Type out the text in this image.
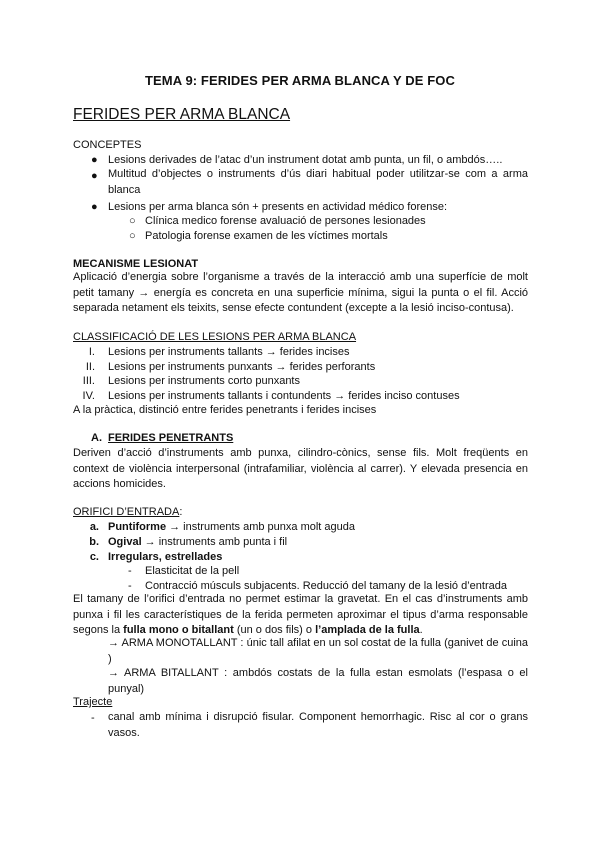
TEMA 9: FERIDES PER ARMA BLANCA Y DE FOC
FERIDES PER ARMA BLANCA
CONCEPTES
● Lesions derivades de l’atac d’un instrument dotat amb punta, un fil, o ambdós…..
● Multitud d’objectes o instruments d’ús diari habitual poder utilitzar-se com a arma blanca
● Lesions per arma blanca són + presents en actividad médico forense:
○ Clínica medico forense avaluació de persones lesionades
○ Patologia forense examen de les víctimes mortals
MECANISME LESIONAT
Aplicació d’energia sobre l’organisme a través de la interacció amb una superfície de molt petit tamany → energía es concreta en una superficie mínima, sigui la punta o el fil. Acció separada netament els teixits, sense efecte contundent (excepte a la lesió inciso-contusa).
CLASSIFICACIÓ DE LES LESIONS PER ARMA BLANCA
I. Lesions per instruments tallants → ferides incises
II. Lesions per instruments punxants → ferides perforants
III. Lesions per instruments corto punxants
IV. Lesions per instruments tallants i contundents → ferides inciso contuses
A la pràctica, distinció entre ferides penetrants i ferides incises
A. FERIDES PENETRANTS
Deriven d’acció d’instruments amb punxa, cilindro-cònics, sense fils. Molt freqüents en context de violència interpersonal (intrafamiliar, violència al carrer). Y elevada presencia en accions homicides.
ORIFICI D’ENTRADA:
a. Puntiforme → instruments amb punxa molt aguda
b. Ogival → instruments amb punta i fil
c. Irregulars, estrellades
- Elasticitat de la pell
- Contracció músculs subjacents. Reducció del tamany de la lesió d’entrada
El tamany de l’orifici d’entrada no permet estimar la gravetat. En el cas d’instruments amb punxa i fil les característiques de la ferida permeten aproximar el tipus d’arma responsable segons la fulla mono o bitallant (un o dos fils) o l’amplada de la fulla.
→ ARMA MONOTALLANT : únic tall afilat en un sol costat de la fulla (ganivet de cuina )
→ ARMA BITALLANT : ambdós costats de la fulla estan esmolats (l’espasa o el punyal)
Trajecte
- canal amb mínima i disrupció fisular. Component hemorrhagic. Risc al cor o grans vasos.
